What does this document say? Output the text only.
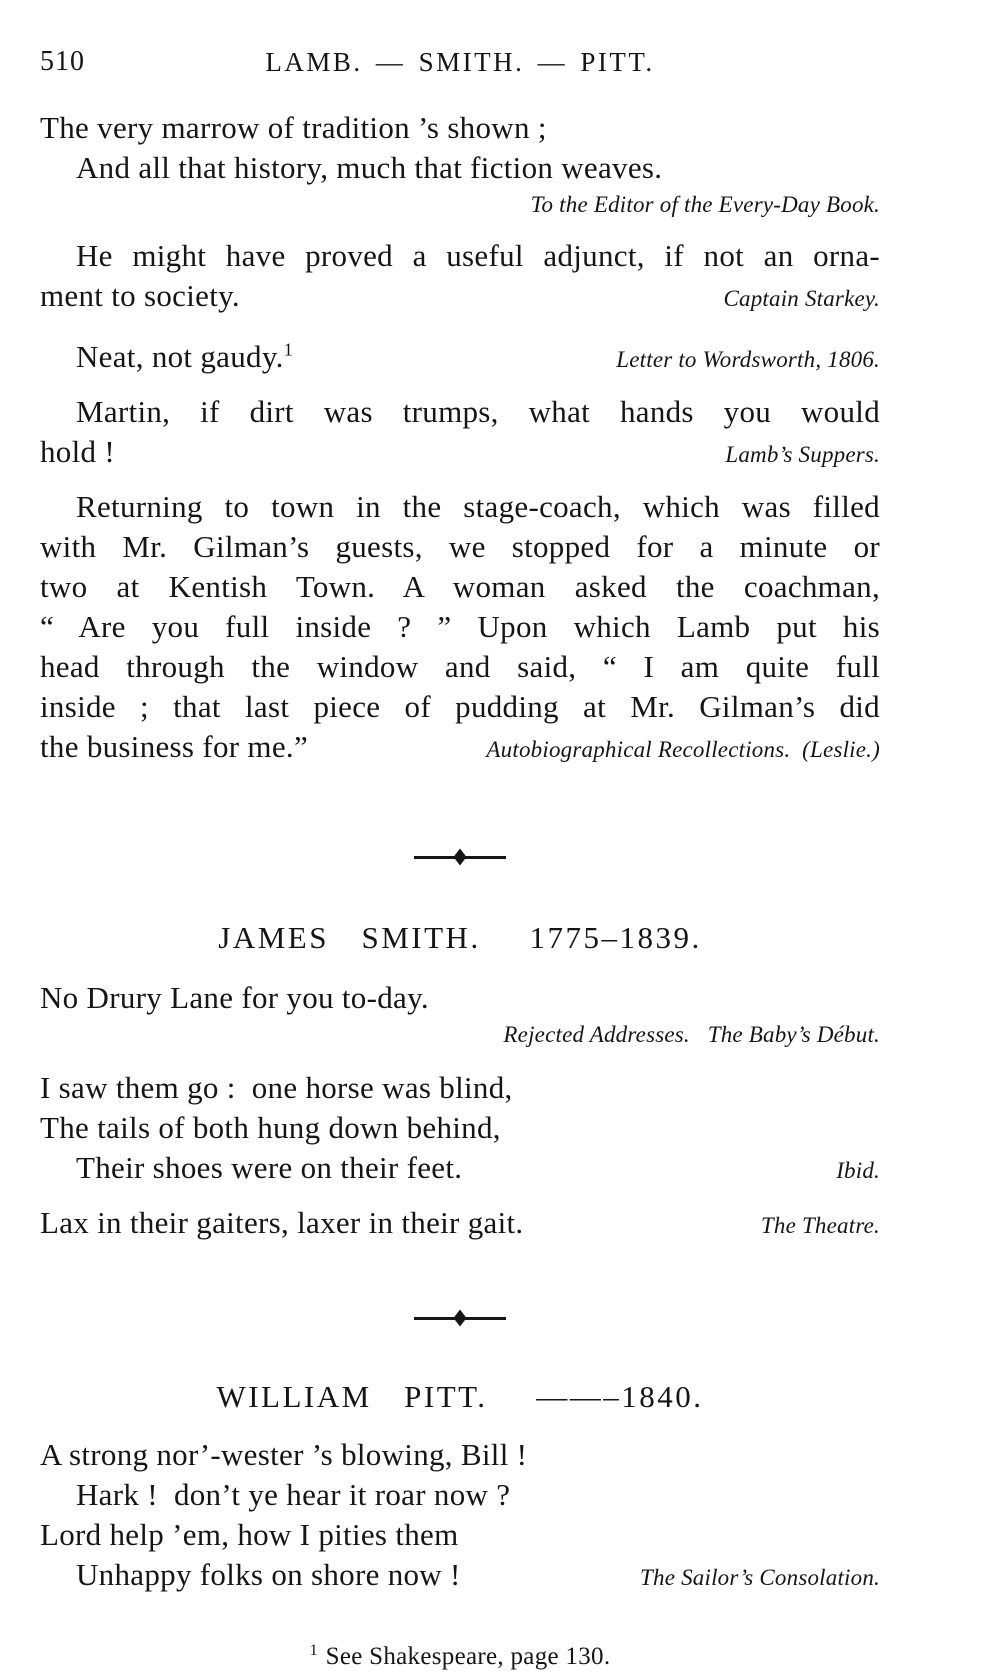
510	LAMB. — SMITH. — PITT.
The very marrow of tradition ’s shown ;
And all that history, much that fiction weaves.
To the Editor of the Every-Day Book.
He might have proved a useful adjunct, if not an orna-
ment to society.	Captain Starkey.
Neat, not gaudy.$^1$	Letter to Wordsworth, 1806.
Martin, if dirt was trumps, what hands you would
hold !	Lamb’s Suppers.
Returning to town in the stage-coach, which was filled
with Mr. Gilman’s guests, we stopped for a minute or
two at Kentish Town. A woman asked the coachman,
“ Are you full inside ? ” Upon which Lamb put his
head through the window and said, “ I am quite full
inside ; that last piece of pudding at Mr. Gilman’s did
the business for me.”	Autobiographical Recollections.  (Leslie.)
JAMES  SMITH.   1775–1839.
No Drury Lane for you to-day.
Rejected Addresses.   The Baby’s Début.
I saw them go :  one horse was blind,
The tails of both hung down behind,
Their shoes were on their feet.	Ibid.
Lax in their gaiters, laxer in their gait.	The Theatre.
WILLIAM  PITT.   ——–1840.
A strong nor’-wester ’s blowing, Bill !
Hark !  don’t ye hear it roar now ?
Lord help ’em, how I pities them
Unhappy folks on shore now !	The Sailor’s Consolation.
$^1$ See Shakespeare, page 130.
